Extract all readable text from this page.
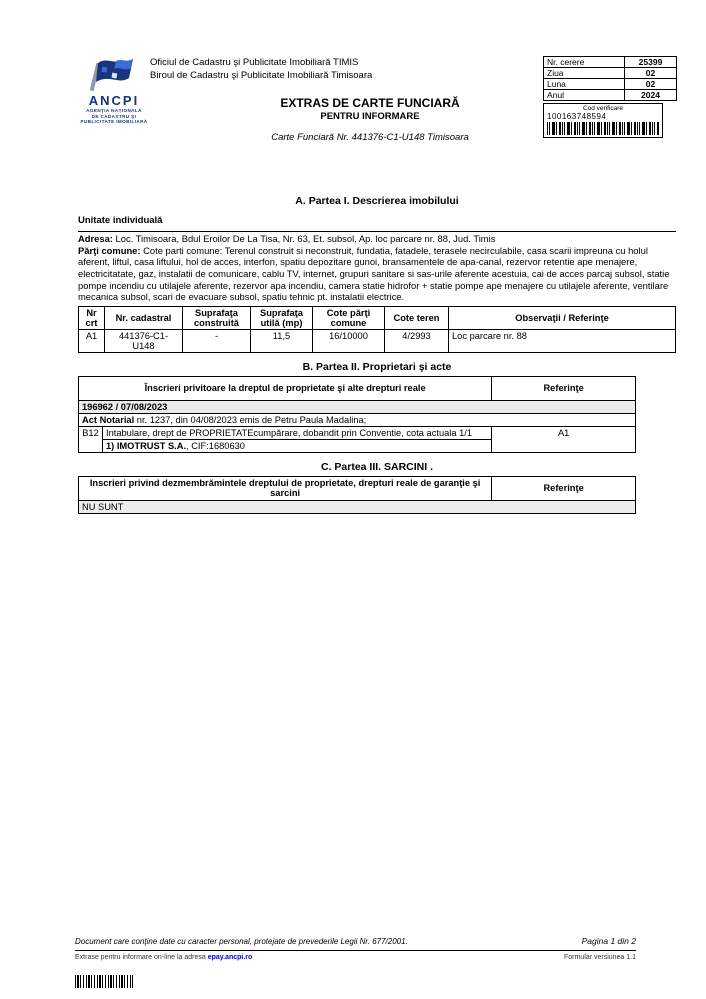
ANCPI
AGENŢIA NAŢIONALĂ
DE CADASTRU ŞI
PUBLICITATE IMOBILIARĂ
Oficiul de Cadastru şi Publicitate Imobiliară TIMIS
Biroul de Cadastru şi Publicitate Imobiliară Timisoara
EXTRAS DE CARTE FUNCIARĂ
PENTRU INFORMARE
Carte Funciară Nr. 441376-C1-U148 Timisoara
Nr. cerere	25399
Ziua	02
Luna	02
Anul	2024
Cod verificare
100163748594
A. Partea I. Descrierea imobilului
Unitate individuală

Adresa: Loc. Timisoara, Bdul Eroilor De La Tisa, Nr. 63, Et. subsol, Ap. loc parcare nr. 88, Jud. Timis

Părţi comune: Cote parti comune: Terenul construit si neconstruit, fundatia, fatadele, terasele necirculabile, casa scarii impreuna cu holul aferent, liftul, casa liftului, hol de acces, interfon, spatiu depozitare gunoi, bransamentele de apa-canal, rezervor retentie ape menajere, electricitatate, gaz, instalatii de comunicare, cablu TV, internet, grupuri sanitare si sas-urile aferente acestuia, cai de acces parcaj subsol, statie pompe incendiu cu utilajele aferente, rezervor apa incendiu, camera statie hidrofor + statie pompe ape menajere cu utilajele aferente, ventilare mecanica subsol, scari de evacuare subsol, spatiu tehnic pt. instalatii electrice.

Nr crt	Nr. cadastral	Suprafaţa construită	Suprafaţa utilă (mp)	Cote părţi comune	Cote teren	Observaţii / Referinţe
A1	441376-C1-U148	-	11,5	16/10000	4/2993	Loc parcare nr. 88
B. Partea II. Proprietari şi acte
Înscrieri privitoare la dreptul de proprietate şi alte drepturi reale		Referinţe
196962 / 07/08/2023		
Act Notarial nr. 1237, din 04/08/2023 emis de Petru Paula Madalina;		
B12	Intabulare, drept de PROPRIETATEcumpărare, dobandit prin Conventie, cota actuala 1/1	A1
	1) IMOTRUST S.A., CIF:1680630	
C. Partea III. SARCINI .
Inscrieri privind dezmembrămintele dreptului de proprietate, drepturi reale de garanţie şi sarcini	Referinţe
NU SUNT
Document care conţine date cu caracter personal, protejate de prevederile Legii Nr. 677/2001.	Pagina 1 din 2
Extrase pentru informare on-line la adresa epay.ancpi.ro	Formular versiunea 1.1
